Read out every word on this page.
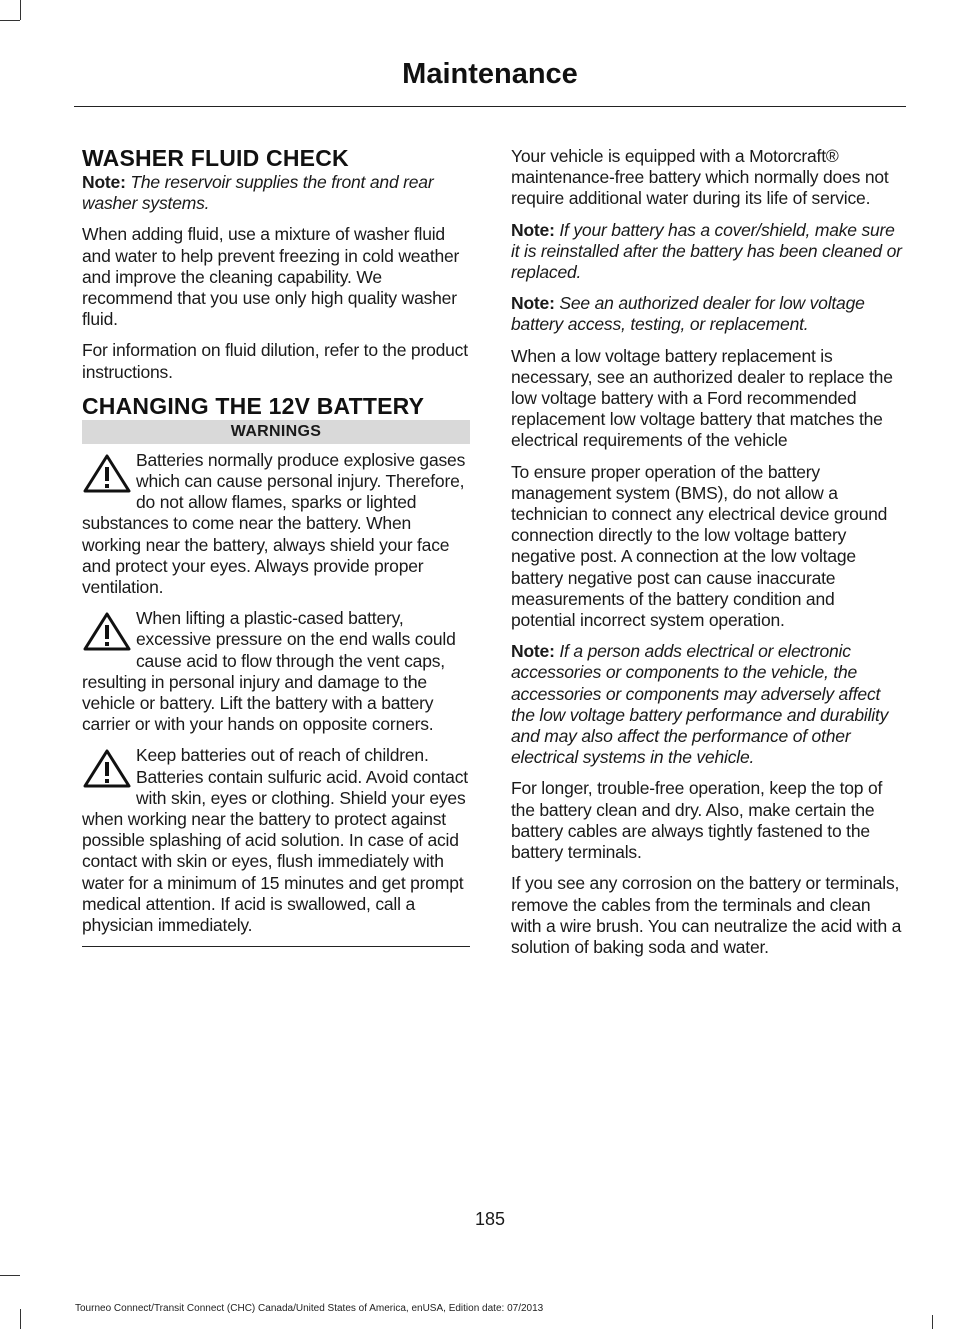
Maintenance
WASHER FLUID CHECK

Note: The reservoir supplies the front and rear washer systems.

When adding fluid, use a mixture of washer fluid and water to help prevent freezing in cold weather and improve the cleaning capability. We recommend that you use only high quality washer fluid.

For information on fluid dilution, refer to the product instructions.

CHANGING THE 12V BATTERY
WARNINGS

Batteries normally produce explosive gases which can cause personal injury. Therefore, do not allow flames, sparks or lighted substances to come near the battery. When working near the battery, always shield your face and protect your eyes. Always provide proper ventilation.

When lifting a plastic-cased battery, excessive pressure on the end walls could cause acid to flow through the vent caps, resulting in personal injury and damage to the vehicle or battery. Lift the battery with a battery carrier or with your hands on opposite corners.

Keep batteries out of reach of children. Batteries contain sulfuric acid. Avoid contact with skin, eyes or clothing. Shield your eyes when working near the battery to protect against possible splashing of acid solution. In case of acid contact with skin or eyes, flush immediately with water for a minimum of 15 minutes and get prompt medical attention. If acid is swallowed, call a physician immediately.

Your vehicle is equipped with a Motorcraft® maintenance-free battery which normally does not require additional water during its life of service.

Note: If your battery has a cover/shield, make sure it is reinstalled after the battery has been cleaned or replaced.

Note: See an authorized dealer for low voltage battery access, testing, or replacement.

When a low voltage battery replacement is necessary, see an authorized dealer to replace the low voltage battery with a Ford recommended replacement low voltage battery that matches the electrical requirements of the vehicle

To ensure proper operation of the battery management system (BMS), do not allow a technician to connect any electrical device ground connection directly to the low voltage battery negative post. A connection at the low voltage battery negative post can cause inaccurate measurements of the battery condition and potential incorrect system operation.

Note: If a person adds electrical or electronic accessories or components to the vehicle, the accessories or components may adversely affect the low voltage battery performance and durability and may also affect the performance of other electrical systems in the vehicle.

For longer, trouble-free operation, keep the top of the battery clean and dry. Also, make certain the battery cables are always tightly fastened to the battery terminals.

If you see any corrosion on the battery or terminals, remove the cables from the terminals and clean with a wire brush. You can neutralize the acid with a solution of baking soda and water.

185
Tourneo Connect/Transit Connect (CHC) Canada/United States of America, enUSA, Edition date: 07/2013
